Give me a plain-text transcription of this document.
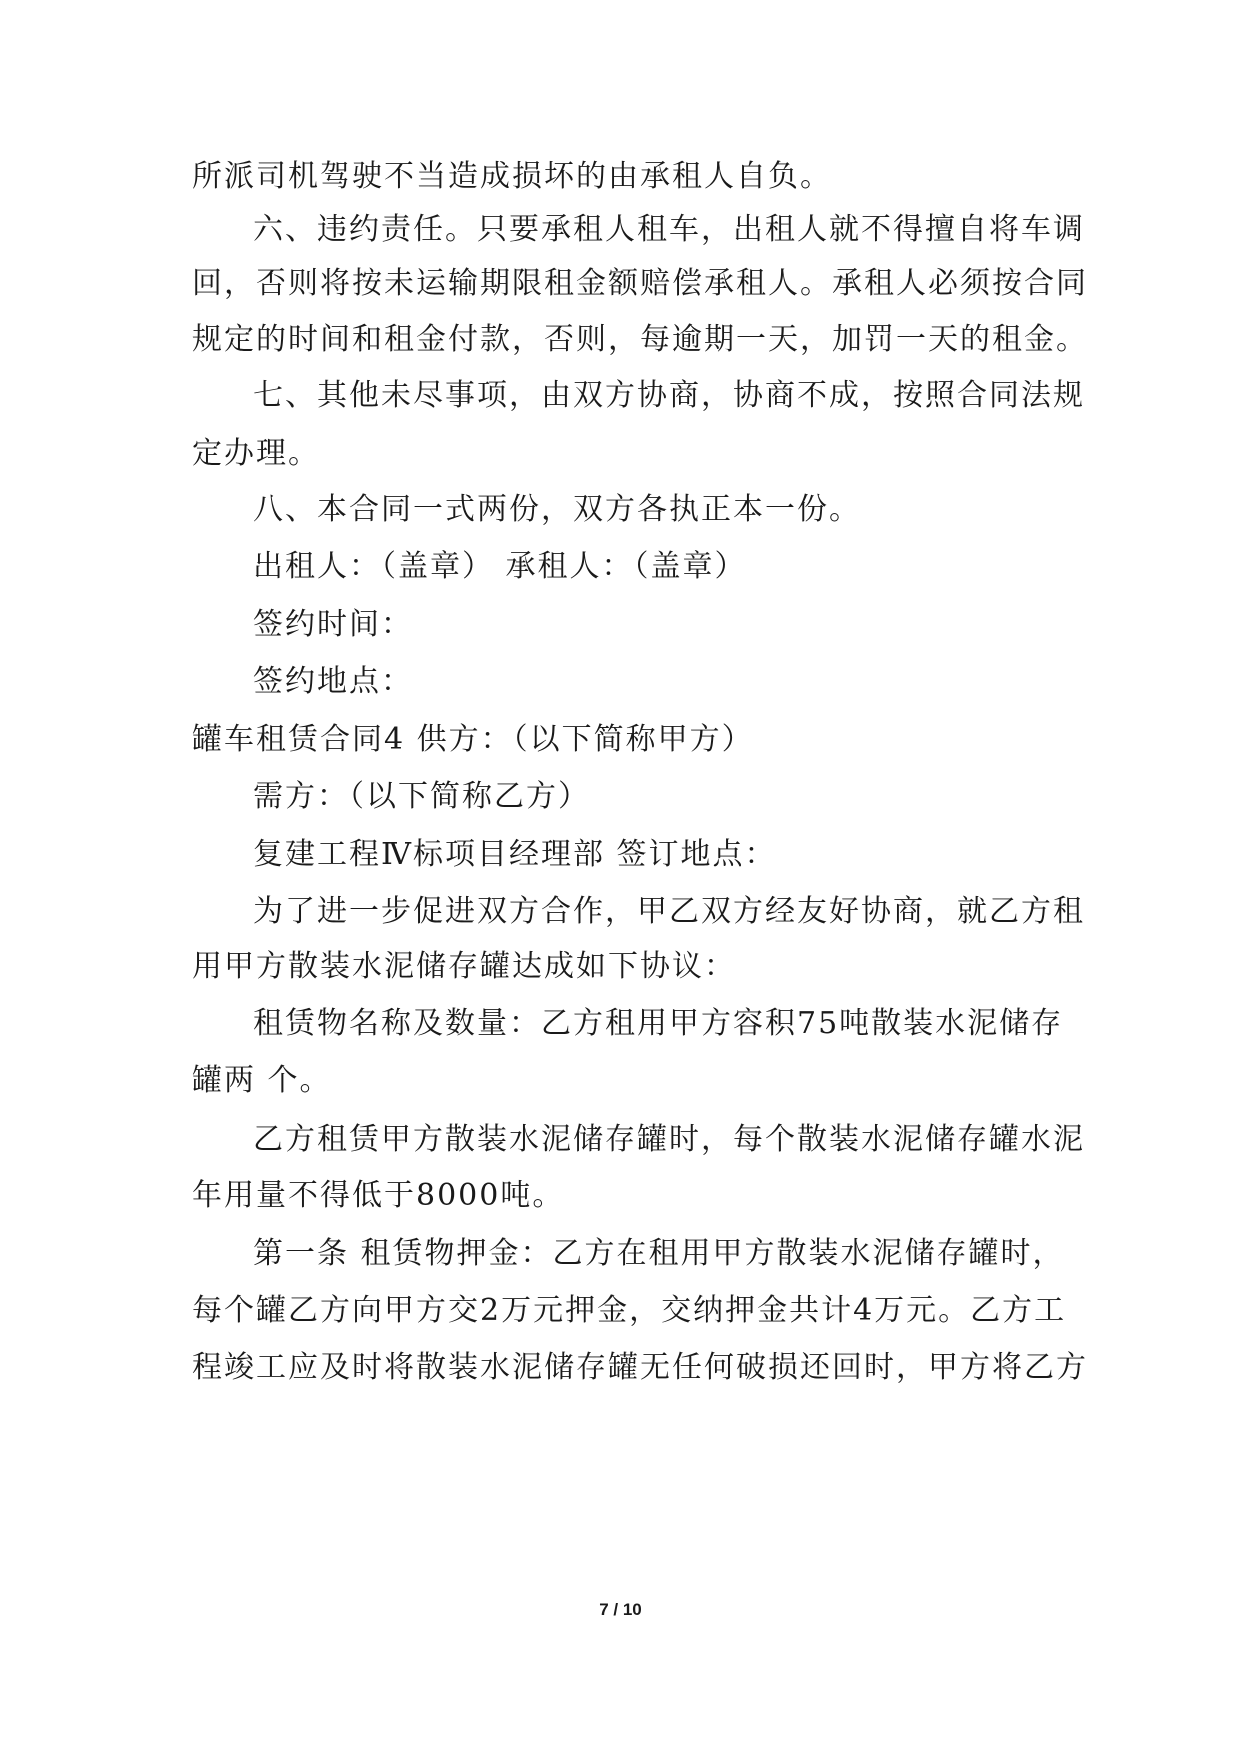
所派司机驾驶不当造成损坏的由承租人自负。
六、违约责任。只要承租人租车，出租人就不得擅自将车调
回，否则将按未运输期限租金额赔偿承租人。承租人必须按合同
规定的时间和租金付款，否则，每逾期一天，加罚一天的租金。
七、其他未尽事项，由双方协商，协商不成，按照合同法规
定办理。
八、本合同一式两份，双方各执正本一份。
出租人：（盖章） 承租人：（盖章）
签约时间：
签约地点：
罐车租赁合同4 供方：（以下简称甲方）
需方：（以下简称乙方）
复建工程Ⅳ标项目经理部 签订地点：
为了进一步促进双方合作，甲乙双方经友好协商，就乙方租
用甲方散装水泥储存罐达成如下协议：
租赁物名称及数量：乙方租用甲方容积75吨散装水泥储存
罐两 个。
乙方租赁甲方散装水泥储存罐时，每个散装水泥储存罐水泥
年用量不得低于8000吨。
第一条 租赁物押金：乙方在租用甲方散装水泥储存罐时，
每个罐乙方向甲方交2万元押金，交纳押金共计4万元。乙方工
程竣工应及时将散装水泥储存罐无任何破损还回时，甲方将乙方
7 / 10
